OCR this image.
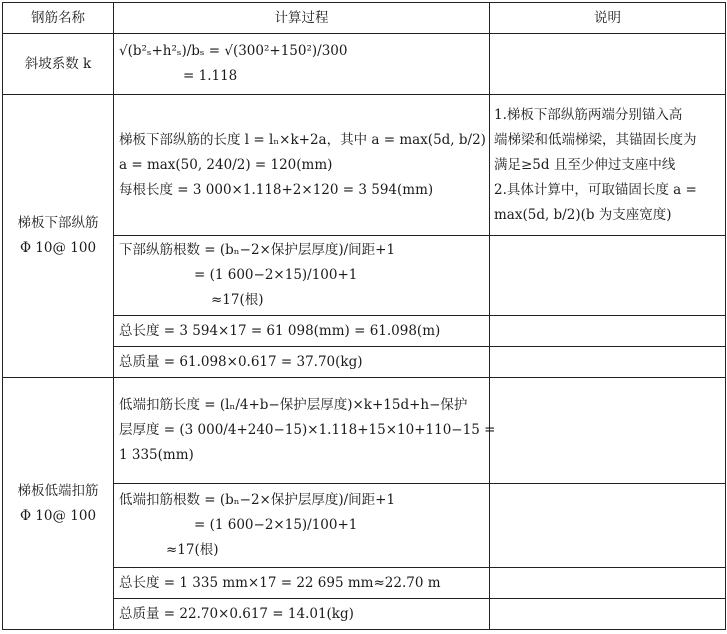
钢筋名称	计算过程	说明

斜坡系数 k	√(b²ₛ+h²ₛ)/bₛ = √(300²+150²)/300
= 1.118	

梯板下部纵筋
Φ 10@ 100	梯板下部纵筋的长度 l = lₙ×k+2a，其中 a = max(5d, b/2)
a = max(50, 240/2) = 120(mm)
每根长度 = 3 000×1.118+2×120 = 3 594(mm)	1.梯板下部纵筋两端分别锚入高
端梯梁和低端梯梁，其锚固长度为
满足≥5d 且至少伸过支座中线
2.具体计算中，可取锚固长度 a =
max(5d, b/2)(b 为支座宽度)

	下部纵筋根数 = (bₙ−2×保护层厚度)/间距+1
= (1 600−2×15)/100+1
≈17(根)	

	总长度 = 3 594×17 = 61 098(mm) = 61.098(m)	

	总质量 = 61.098×0.617 = 37.70(kg)	

梯板低端扣筋
Φ 10@ 100	低端扣筋长度 = (lₙ/4+b−保护层厚度)×k+15d+h−保护
层厚度 = (3 000/4+240−15)×1.118+15×10+110−15 =
1 335(mm)	

	低端扣筋根数 = (bₙ−2×保护层厚度)/间距+1
= (1 600−2×15)/100+1
≈17(根)	

	总长度 = 1 335 mm×17 = 22 695 mm≈22.70 m	

	总质量 = 22.70×0.617 = 14.01(kg)	
